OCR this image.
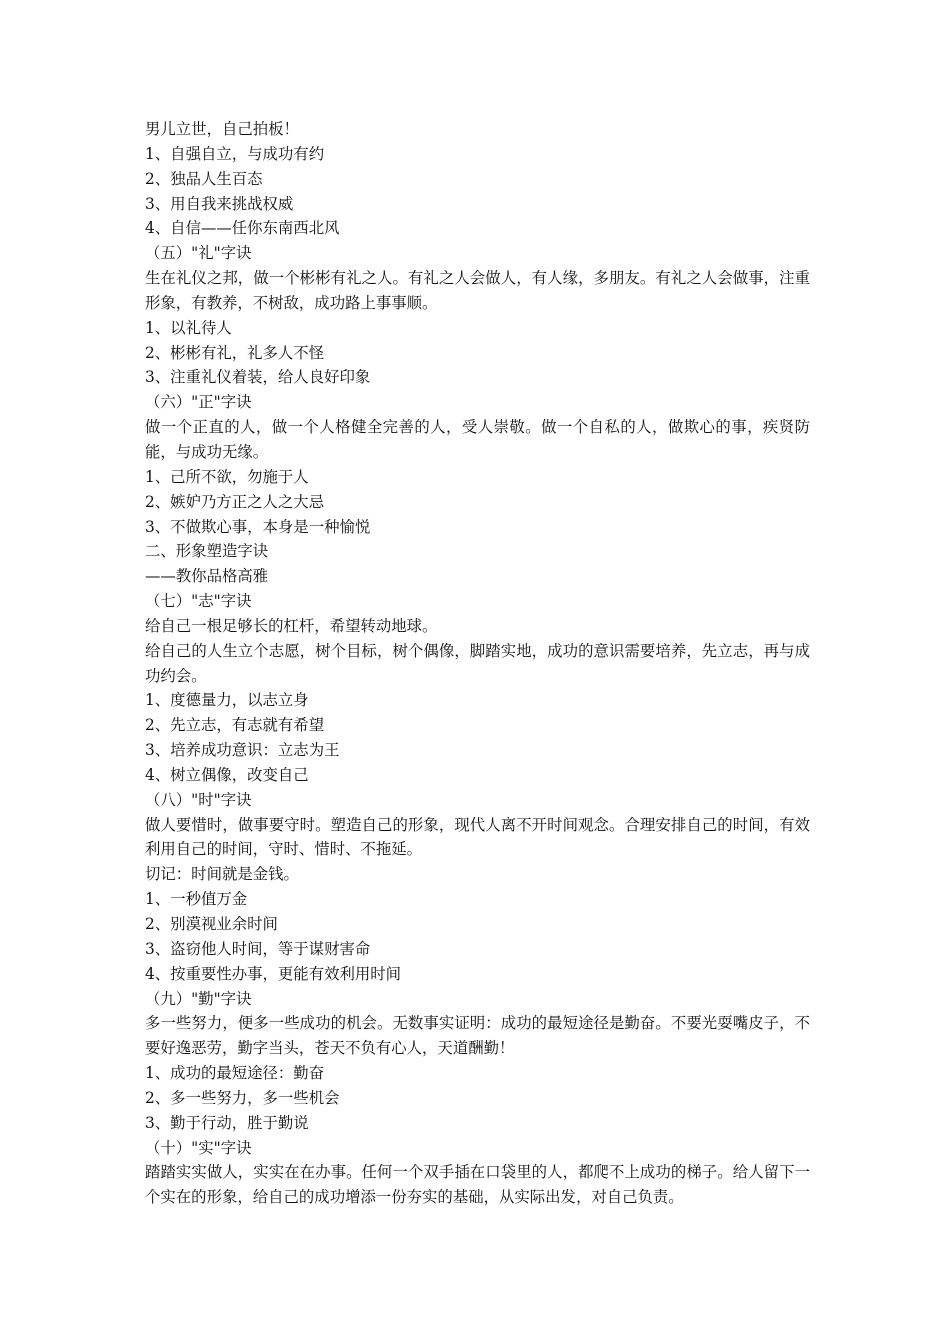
男儿立世，自己拍板！

1、自强自立，与成功有约

2、独品人生百态

3、用自我来挑战权威

4、自信——任你东南西北风

（五）"礼"字诀

生在礼仪之邦，做一个彬彬有礼之人。有礼之人会做人，有人缘，多朋友。有礼之人会做事，注重形象，有教养，不树敌，成功路上事事顺。

1、以礼待人

2、彬彬有礼，礼多人不怪

3、注重礼仪着装，给人良好印象

（六）"正"字诀

做一个正直的人，做一个人格健全完善的人，受人崇敬。做一个自私的人，做欺心的事，疾贤防能，与成功无缘。

1、己所不欲，勿施于人

2、嫉妒乃方正之人之大忌

3、不做欺心事，本身是一种愉悦

二、形象塑造字诀

——教你品格高雅

（七）"志"字诀

给自己一根足够长的杠杆，希望转动地球。

给自己的人生立个志愿，树个目标，树个偶像，脚踏实地，成功的意识需要培养，先立志，再与成功约会。

1、度德量力，以志立身

2、先立志，有志就有希望

3、培养成功意识：立志为王

4、树立偶像，改变自己

（八）"时"字诀

做人要惜时，做事要守时。塑造自己的形象，现代人离不开时间观念。合理安排自己的时间，有效利用自己的时间，守时、惜时、不拖延。

切记：时间就是金钱。

1、一秒值万金

2、别漠视业余时间

3、盗窃他人时间，等于谋财害命

4、按重要性办事，更能有效利用时间

（九）"勤"字诀

多一些努力，便多一些成功的机会。无数事实证明：成功的最短途径是勤奋。不要光耍嘴皮子，不要好逸恶劳，勤字当头，苍天不负有心人，天道酬勤！

1、成功的最短途径：勤奋

2、多一些努力，多一些机会

3、勤于行动，胜于勤说

（十）"实"字诀

踏踏实实做人，实实在在办事。任何一个双手插在口袋里的人，都爬不上成功的梯子。给人留下一个实在的形象，给自己的成功增添一份夯实的基础，从实际出发，对自己负责。
